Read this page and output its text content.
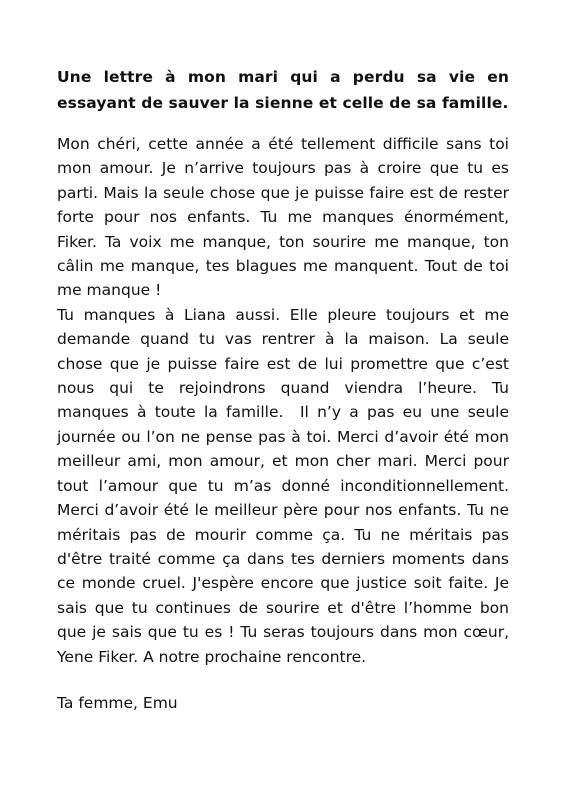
Une lettre à mon mari qui a perdu sa vie en essayant de sauver la sienne et celle de sa famille.

Mon chéri, cette année a été tellement difficile sans toi mon amour. Je n’arrive toujours pas à croire que tu es parti. Mais la seule chose que je puisse faire est de rester forte pour nos enfants. Tu me manques énormément, Fiker. Ta voix me manque, ton sourire me manque, ton câlin me manque, tes blagues me manquent. Tout de toi me manque !

Tu manques à Liana aussi. Elle pleure toujours et me demande quand tu vas rentrer à la maison. La seule chose que je puisse faire est de lui promettre que c’est nous qui te rejoindrons quand viendra l’heure. Tu manques à toute la famille.  Il n’y a pas eu une seule journée ou l’on ne pense pas à toi. Merci d’avoir été mon meilleur ami, mon amour, et mon cher mari. Merci pour tout l’amour que tu m’as donné inconditionnellement. Merci d’avoir été le meilleur père pour nos enfants. Tu ne méritais pas de mourir comme ça. Tu ne méritais pas d'être traité comme ça dans tes derniers moments dans ce monde cruel. J'espère encore que justice soit faite. Je sais que tu continues de sourire et d'être l’homme bon que je sais que tu es ! Tu seras toujours dans mon cœur, Yene Fiker. A notre prochaine rencontre.

Ta femme, Emu
